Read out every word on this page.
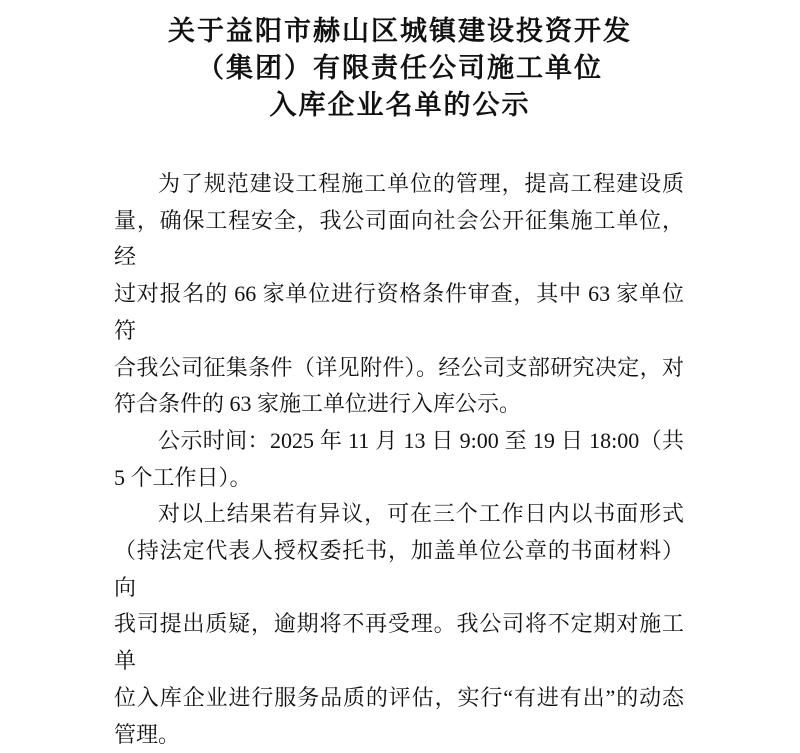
关于益阳市赫山区城镇建设投资开发
（集团）有限责任公司施工单位
入库企业名单的公示
为了规范建设工程施工单位的管理，提高工程建设质
量，确保工程安全，我公司面向社会公开征集施工单位，经
过对报名的 66 家单位进行资格条件审查，其中 63 家单位符
合我公司征集条件（详见附件）。经公司支部研究决定，对
符合条件的 63 家施工单位进行入库公示。
公示时间：2025 年 11 月 13 日 9:00 至 19 日 18:00（共
5 个工作日）。
对以上结果若有异议，可在三个工作日内以书面形式
（持法定代表人授权委托书，加盖单位公章的书面材料）向
我司提出质疑，逾期将不再受理。我公司将不定期对施工单
位入库企业进行服务品质的评估，实行“有进有出”的动态
管理。
